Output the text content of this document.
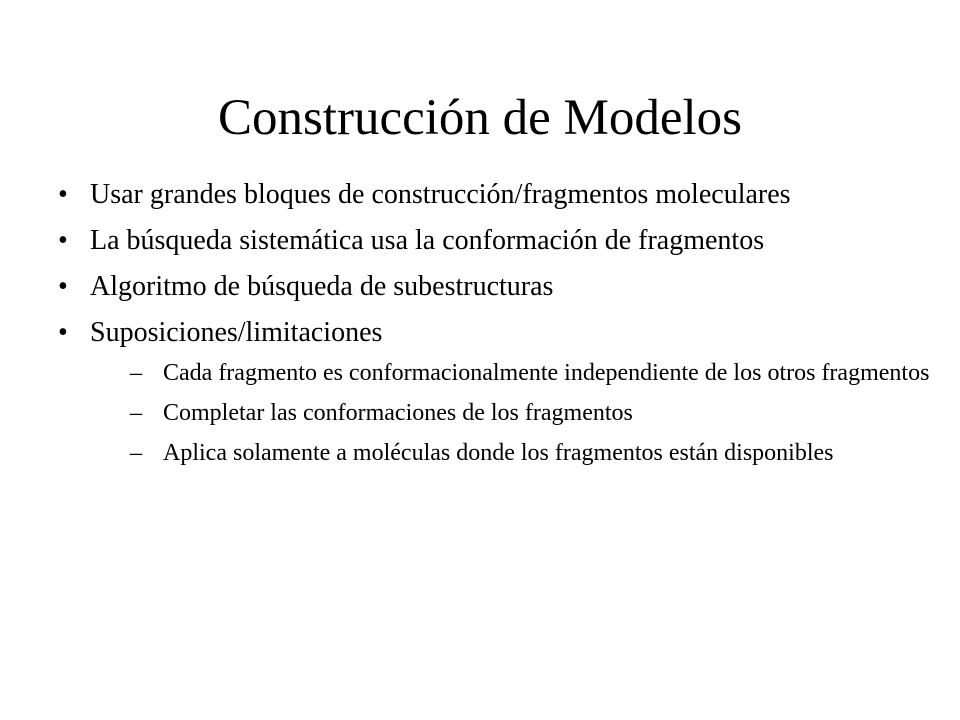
Construcción de Modelos
• Usar grandes bloques de construcción/fragmentos moleculares
• La búsqueda sistemática usa la conformación de fragmentos
• Algoritmo de búsqueda de subestructuras
• Suposiciones/limitaciones
– Cada fragmento es conformacionalmente independiente de los otros fragmentos
– Completar las conformaciones de los fragmentos
– Aplica solamente a moléculas donde los fragmentos están disponibles
